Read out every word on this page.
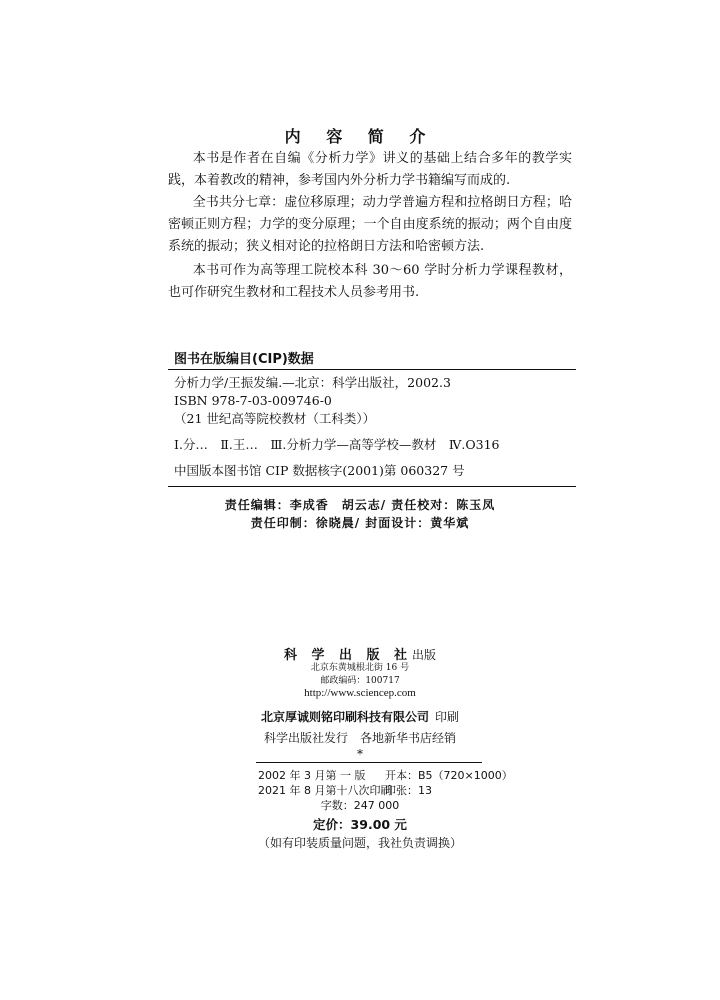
内 容 简 介

本书是作者在自编《分析力学》讲义的基础上结合多年的教学实践，本着教改的精神，参考国内外分析力学书籍编写而成的.

全书共分七章：虚位移原理；动力学普遍方程和拉格朗日方程；哈密顿正则方程；力学的变分原理；一个自由度系统的振动；两个自由度系统的振动；狭义相对论的拉格朗日方法和哈密顿方法.

本书可作为高等理工院校本科 30～60 学时分析力学课程教材，也可作研究生教材和工程技术人员参考用书.

图书在版编目(CIP)数据
分析力学/王振发编.—北京：科学出版社，2002.3
ISBN 978-7-03-009746-0
（21 世纪高等院校教材（工科类））
Ⅰ.分…　Ⅱ.王…　Ⅲ.分析力学—高等学校—教材　Ⅳ.O316
中国版本图书馆 CIP 数据核字(2001)第 060327 号
责任编辑：李成香　胡云志/ 责任校对：陈玉凤
责任印制：徐晓晨/ 封面设计：黄华斌
科 学 出 版 社出版
北京东黄城根北街 16 号
邮政编码：100717
http://www.sciencep.com
北京厚诚则铭印刷科技有限公司 印刷
科学出版社发行　各地新华书店经销
*
2002 年 3 月第 一 版 开本：B5（720×1000）
2021 年 8 月第十八次印刷
印张：13
字数：247 000
定价：39.00 元
（如有印装质量问题，我社负责调换）
